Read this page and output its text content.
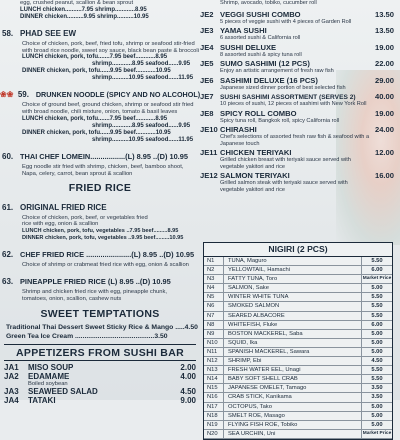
egg, crushed peanut, scallion & bean sprout
LUNCH chicken..........7.95 shrimp............8.95
DINNER chicken..........9.95 shrimp..........10.95
58. PHAD SEE EW
Choice of chicken, pork, beef, fried tofu, shrimp or seafood stir-fried
with broad rice noodle, sweet soy sauce, black bean paste & broccoli
LUNCH chicken, pork, tofu.......7.95 beef............8.95
shrimp............8.95 seafood......9.95
DINNER chicken, pork, tofu......9.95 beef............10.95
shrimp..........10.95 seafood......11.95
❀❀ 59. DRUNKEN NOODLE (SPICY AND NO ALCOHOL)
Choice of ground beef, ground chicken, shrimp or seafood stir fried
with broad noodle, chili mixture, onion, tomato & basil leaves
LUNCH chicken, pork, tofu.......7.95 beef............8.95
shrimp............8.95 seafood......9.95
DINNER chicken, pork, tofu......9.95 beef............10.95
shrimp..........10.95 seafood......11.95
60. THAI CHEF LOMEIN.................(L) 8.95 ..(D) 10.95
Egg noodle stir fried with shrimp, chicken, beef, bamboo shoot,
Napa, celery, carrot, bean sprout & scallion
FRIED RICE
61. ORIGINAL FRIED RICE
Choice of chicken, pork, beef, or vegetables fried
rice with egg, onion & scallion
LUNCH chicken, pork, tofu, vegetables ..7.95 beef.........8.95
DINNER chicken, pork, tofu, vegetables ..9.95 beef.........10.95
62. CHEF FRIED RICE ......................(L) 8.95 ..(D) 10.95
Choice of shrimp or crabmeat fried rice with egg, onion & scallion
63. PINEAPPLE FRIED RICE (L) 8.95 ..(D) 10.95
Shrimp and chicken fried rice with egg, pineapple chunk,
tomatoes, onion, scallion, cashew nuts
SWEET TEMPTATIONS
Traditional Thai Dessert Sweet Sticky Rice & Mango .....4.50
Green Tea Ice Cream ..........................................3.50
APPETIZERS FROM SUSHI BAR
JA1	MISO SOUP	2.00
JA2	EDAMAME	4.00
Boiled soybean
JA3	SEAWEED SALAD	4.50
JA4	TATAKI	9.00
Shrimp, avocado, tobiko, cucumber roll
JE2 VEGGI SUSHI COMBO	13.50
5 pieces of veggie sushi with 4 pieces of Garden Roll
JE3 YAMA SUSHI	13.50
6 assorted sushi & California roll
JE4 SUSHI DELUXE	19.00
8 assorted sushi & spicy tuna roll
JE5 SUMO SASHIMI (12 PCS)	22.00
Enjoy an artistic arrangement of fresh raw fish
JE6 SASHIMI DELUXE (16 PCS)	29.00
Japanese sized dinner portion of best selected fish
JE7 SUSHI SASHIMI ASSORTMENT (SERVES 2)	40.00
10 pieces of sushi, 12 pieces of sashimi with New York Roll
JE8 SPICY ROLL COMBO	19.00
Spicy tuna roll, Bangkok roll, spicy California roll
JE10 CHIRASHI	24.00
Chef's selections of assorted fresh raw fish & seafood with a Japanese touch
JE11 CHICKEN TERIYAKI	12.00
Grilled chicken breast with teriyaki sauce served with vegetable yakitori and rice
JE12 SALMON TERIYAKI	16.00
Grilled salmon steak with teriyaki sauce served with vegetable yakitori and rice
NIGIRI (2 PCS)
N1	TUNA, Maguro	5.50
N2	YELLOWTAIL, Hamachi	6.00
N3	FATTY TUNA, Toro	Market Price
N4	SALMON, Sake	5.00
N5	WINTER WHITE TUNA	5.50
N6	SMOKED SALMON	5.50
N7	SEARED ALBACORE	5.50
N8	WHITEFISH, Fluke	6.00
N9	BOSTON MACKEREL, Saba	5.00
N10	SQUID, Ika	5.00
N11	SPANISH MACKEREL, Sawara	5.00
N12	SHRIMP, Ebi	4.50
N13	FRESH WATER EEL, Unagi	5.50
N14	BABY SOFT SHELL CRAB	5.50
N15	JAPANESE OMELET, Tamago	3.50
N16	CRAB STICK, Kanikama	3.50
N17	OCTOPUS, Tako	5.00
N18	SMELT ROE, Masago	5.00
N19	FLYING FISH ROE, Tobiko	5.00
N20	SEA URCHIN, Uni	Market Price
